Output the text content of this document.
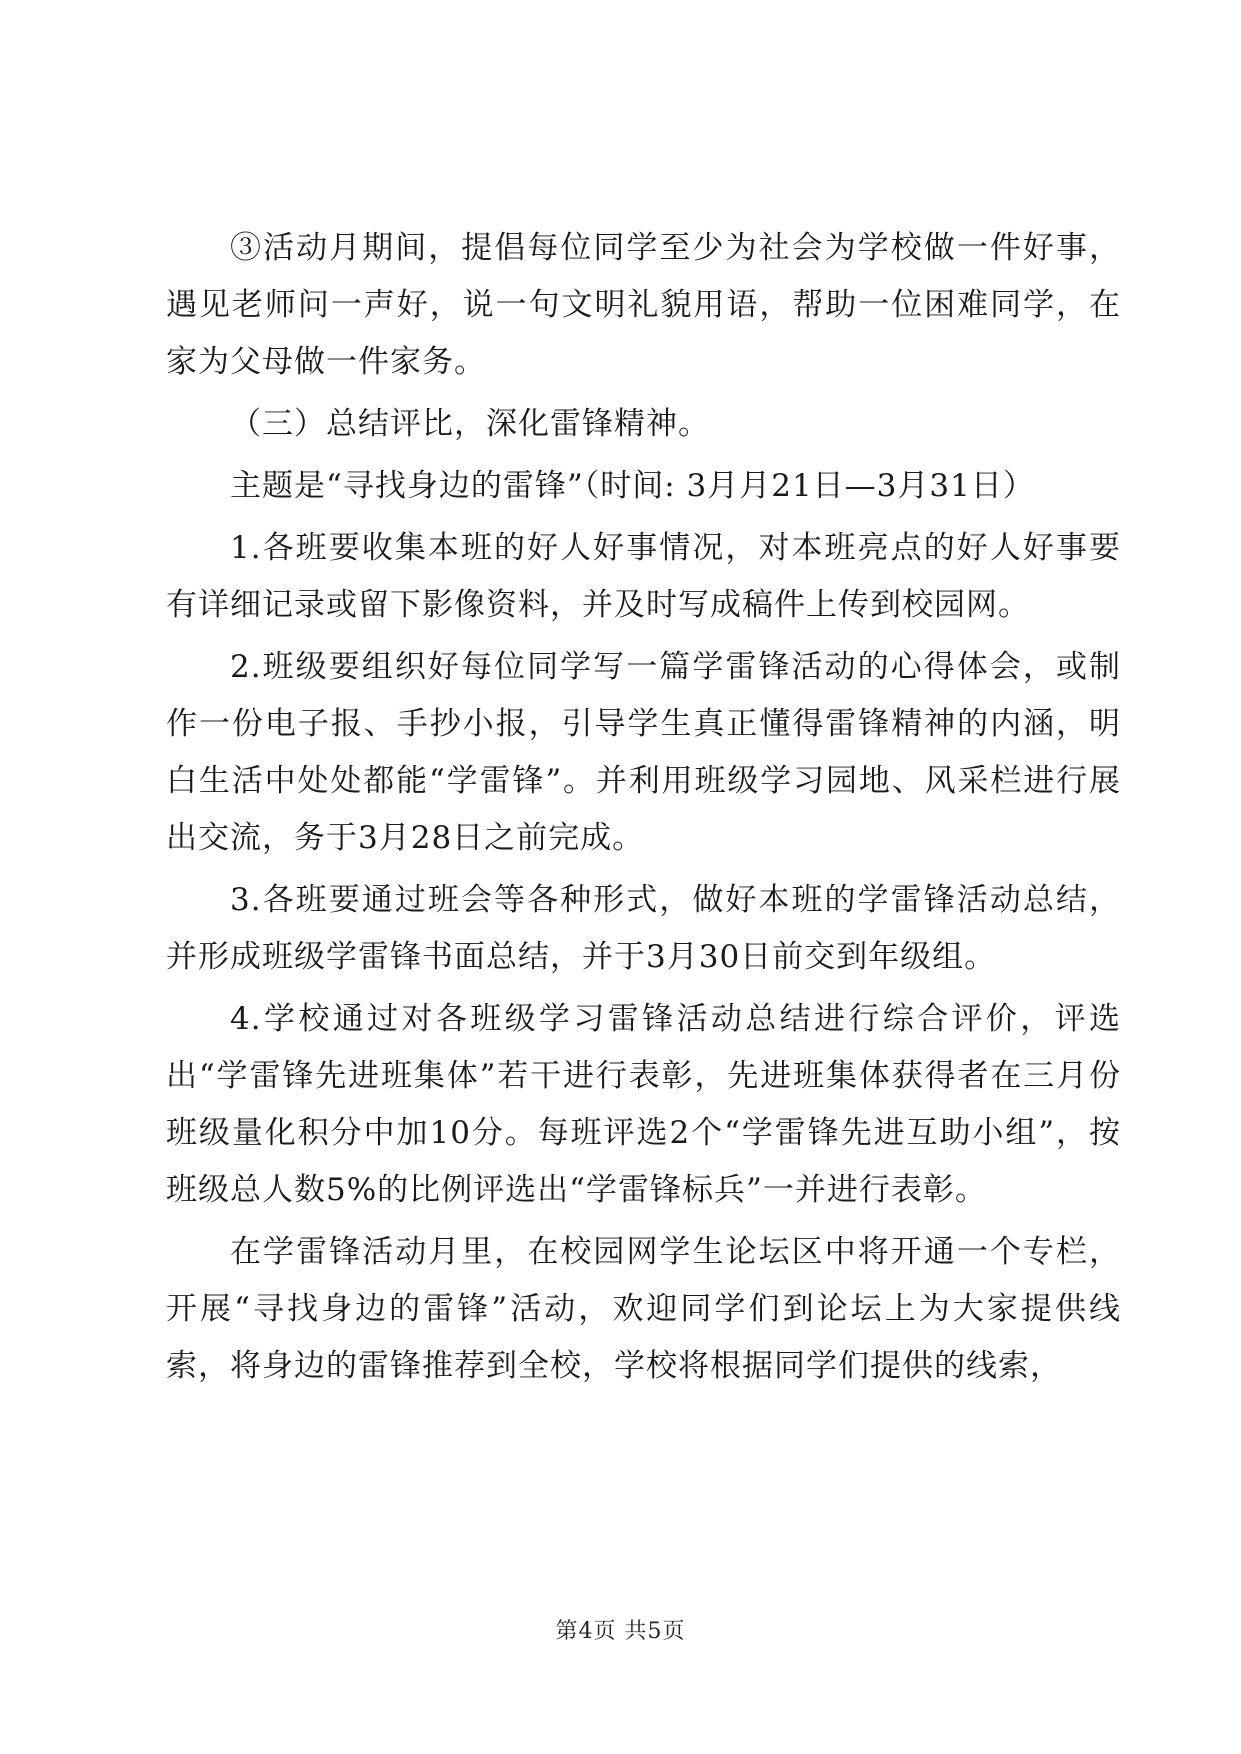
③活动月期间，提倡每位同学至少为社会为学校做一件好事，遇见老师问一声好，说一句文明礼貌用语，帮助一位困难同学，在家为父母做一件家务。

（三）总结评比，深化雷锋精神。

主题是“寻找身边的雷锋”（时间: 3月月21日—3月31日）

1.各班要收集本班的好人好事情况，对本班亮点的好人好事要有详细记录或留下影像资料，并及时写成稿件上传到校园网。

2.班级要组织好每位同学写一篇学雷锋活动的心得体会，或制作一份电子报、手抄小报，引导学生真正懂得雷锋精神的内涵，明白生活中处处都能“学雷锋”。并利用班级学习园地、风采栏进行展出交流，务于3月28日之前完成。

3.各班要通过班会等各种形式，做好本班的学雷锋活动总结，并形成班级学雷锋书面总结，并于3月30日前交到年级组。

4.学校通过对各班级学习雷锋活动总结进行综合评价，评选出“学雷锋先进班集体”若干进行表彰，先进班集体获得者在三月份班级量化积分中加10分。每班评选2个“学雷锋先进互助小组”，按班级总人数5%的比例评选出“学雷锋标兵”一并进行表彰。

在学雷锋活动月里，在校园网学生论坛区中将开通一个专栏，开展“寻找身边的雷锋”活动，欢迎同学们到论坛上为大家提供线索，将身边的雷锋推荐到全校，学校将根据同学们提供的线索，

第4页 共5页
